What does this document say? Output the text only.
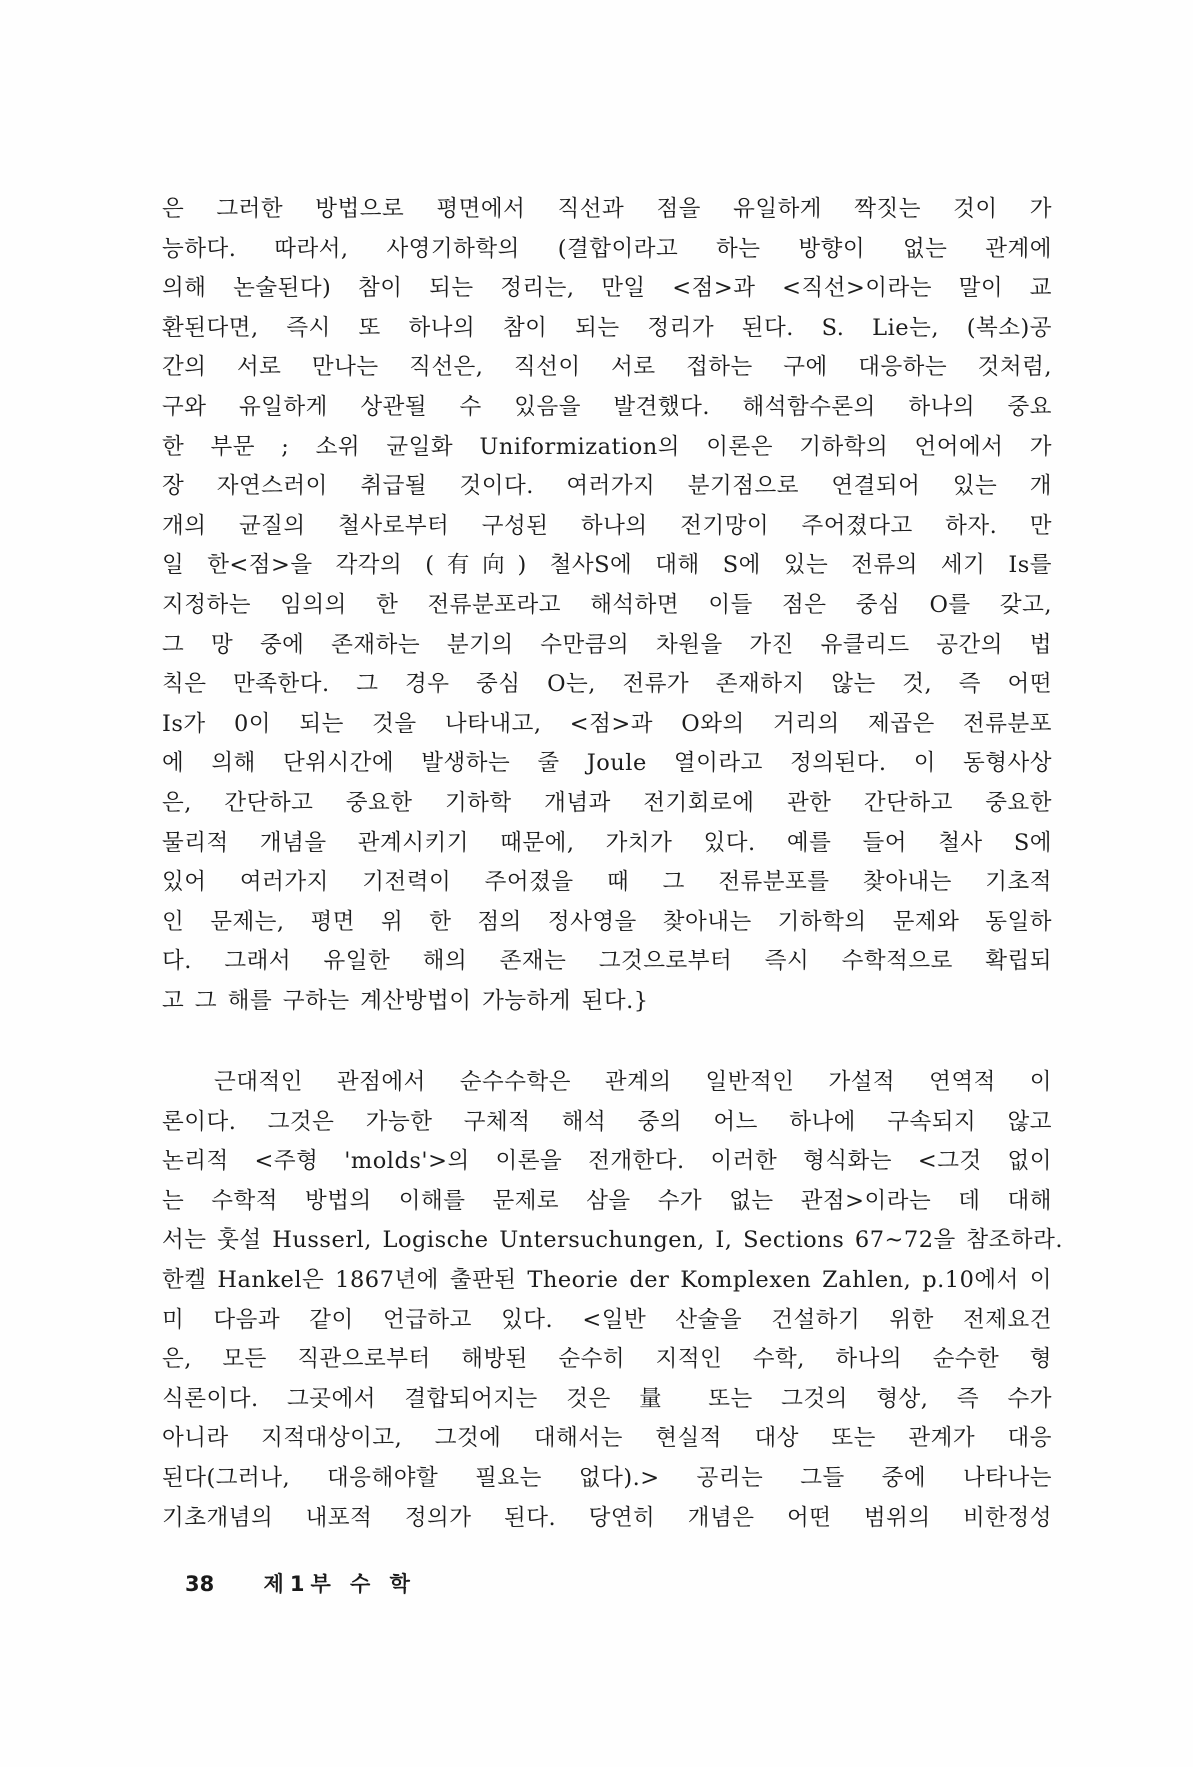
은 그러한 방법으로 평면에서 직선과 점을 유일하게 짝짓는 것이 가
능하다. 따라서, 사영기하학의 (결합이라고 하는 방향이 없는 관계에
의해 논술된다) 참이 되는 정리는, 만일 <점>과 <직선>이라는 말이 교
환된다면, 즉시 또 하나의 참이 되는 정리가 된다. S. Lie는, (복소)공
간의 서로 만나는 직선은, 직선이 서로 접하는 구에 대응하는 것처럼,
구와 유일하게 상관될 수 있음을 발견했다. 해석함수론의 하나의 중요
한 부문 ; 소위 균일화 Uniformization의 이론은 기하학의 언어에서 가
장 자연스러이 취급될 것이다. 여러가지 분기점으로 연결되어 있는 개
개의 균질의 철사로부터 구성된 하나의 전기망이 주어졌다고 하자. 만
일 한<점>을 각각의 (有向) 철사S에 대해 S에 있는 전류의 세기 Is를
지정하는 임의의 한 전류분포라고 해석하면 이들 점은 중심 O를 갖고,
그 망 중에 존재하는 분기의 수만큼의 차원을 가진 유클리드 공간의 법
칙은 만족한다. 그 경우 중심 O는, 전류가 존재하지 않는 것, 즉 어떤
Is가 0이 되는 것을 나타내고, <점>과 O와의 거리의 제곱은 전류분포
에 의해 단위시간에 발생하는 줄 Joule 열이라고 정의된다. 이 동형사상
은, 간단하고 중요한 기하학 개념과 전기회로에 관한 간단하고 중요한
물리적 개념을 관계시키기 때문에, 가치가 있다. 예를 들어 철사 S에
있어 여러가지 기전력이 주어졌을 때 그 전류분포를 찾아내는 기초적
인 문제는, 평면 위 한 점의 정사영을 찾아내는 기하학의 문제와 동일하
다. 그래서 유일한 해의 존재는 그것으로부터 즉시 수학적으로 확립되
고 그 해를 구하는 계산방법이 가능하게 된다.}
근대적인 관점에서 순수수학은 관계의 일반적인 가설적 연역적 이
론이다. 그것은 가능한 구체적 해석 중의 어느 하나에 구속되지 않고
논리적 <주형 'molds'>의 이론을 전개한다. 이러한 형식화는 <그것 없이
는 수학적 방법의 이해를 문제로 삼을 수가 없는 관점>이라는 데 대해
서는 훗설 Husserl, Logische Untersuchungen, I, Sections 67~72을 참조하라.
한켈 Hankel은 1867년에 출판된 Theorie der Komplexen Zahlen, p.10에서 이
미 다음과 같이 언급하고 있다. <일반 산술을 건설하기 위한 전제요건
은, 모든 직관으로부터 해방된 순수히 지적인 수학, 하나의 순수한 형
식론이다. 그곳에서 결합되어지는 것은 量 또는 그것의 형상, 즉 수가
아니라 지적대상이고, 그것에 대해서는 현실적 대상 또는 관계가 대응
된다(그러나, 대응해야할 필요는 없다).> 공리는 그들 중에 나타나는
기초개념의 내포적 정의가 된다. 당연히 개념은 어떤 범위의 비한정성
38 제1부 수 학
